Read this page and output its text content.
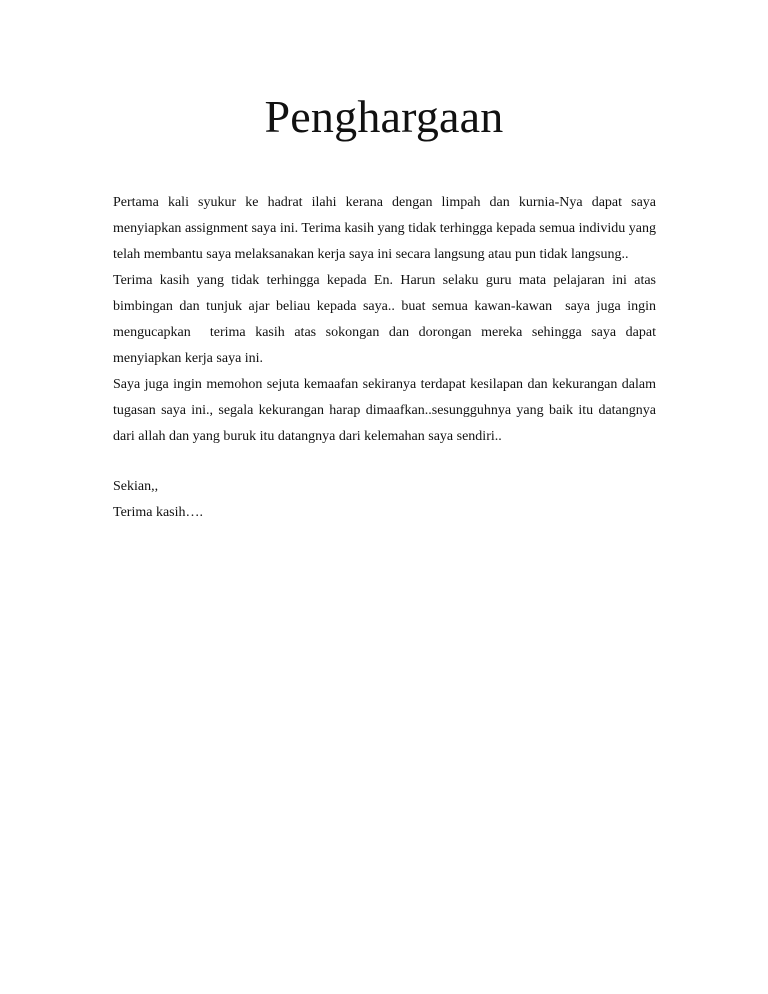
Penghargaan

Pertama kali syukur ke hadrat ilahi kerana dengan limpah dan kurnia-Nya dapat saya menyiapkan assignment saya ini. Terima kasih yang tidak terhingga kepada semua individu yang telah membantu saya melaksanakan kerja saya ini secara langsung atau pun tidak langsung..

Terima kasih yang tidak terhingga kepada En. Harun selaku guru mata pelajaran ini atas bimbingan dan tunjuk ajar beliau kepada saya.. buat semua kawan-kawan  saya juga ingin mengucapkan  terima kasih atas sokongan dan dorongan mereka sehingga saya dapat menyiapkan kerja saya ini.

Saya juga ingin memohon sejuta kemaafan sekiranya terdapat kesilapan dan kekurangan dalam tugasan saya ini., segala kekurangan harap dimaafkan..sesungguhnya yang baik itu datangnya dari allah dan yang buruk itu datangnya dari kelemahan saya sendiri..

Sekian,,

Terima kasih….
